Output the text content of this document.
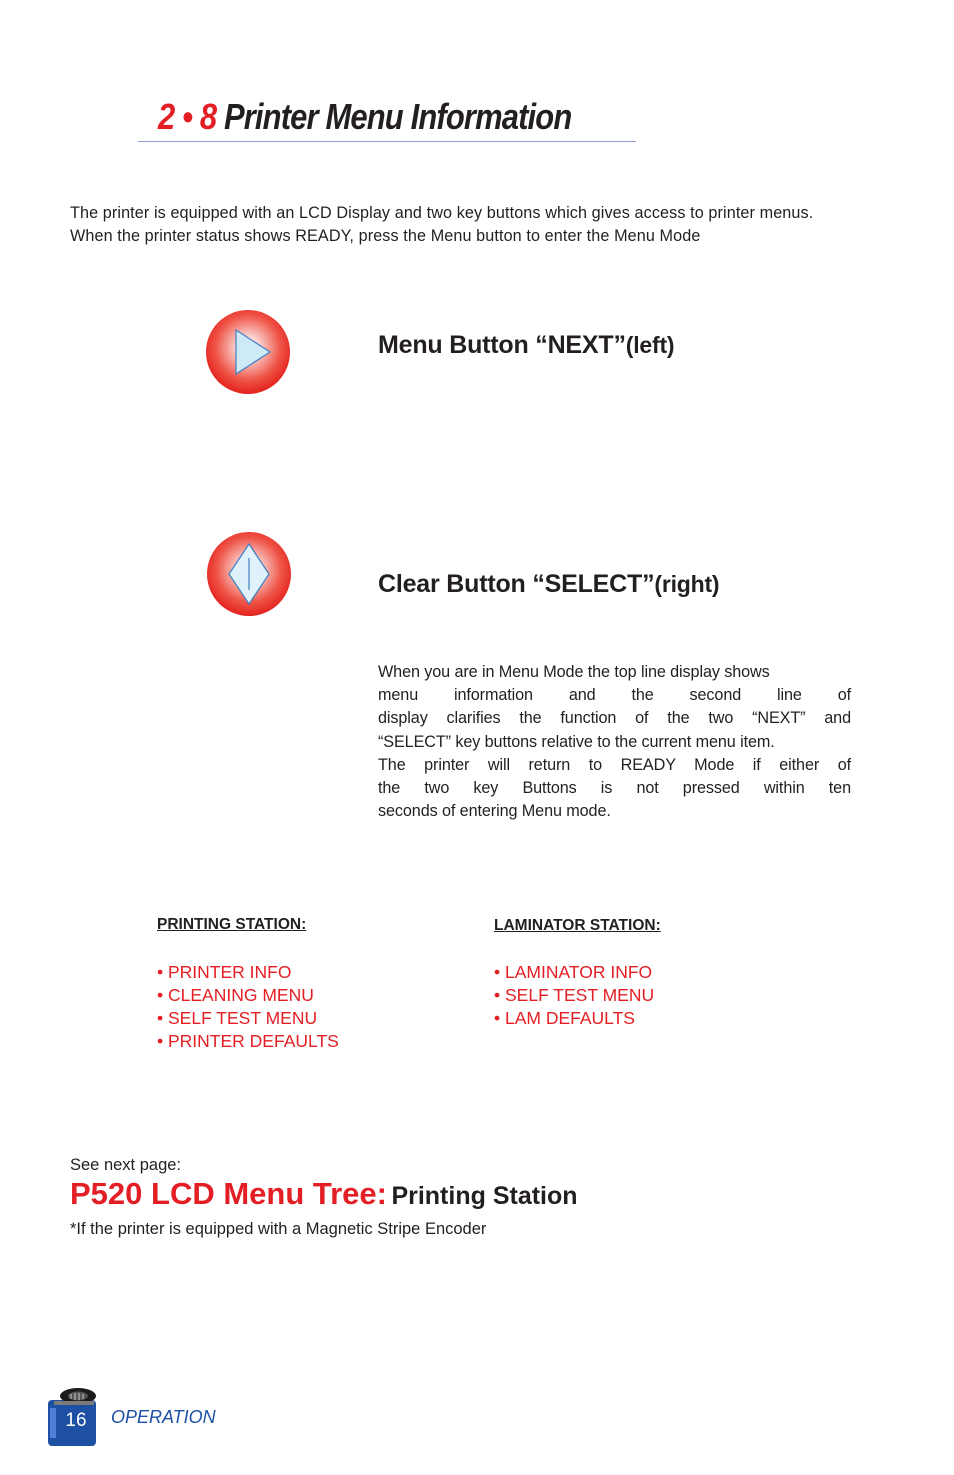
2 • 8 Printer Menu Information

The printer is equipped with an LCD Display and two key buttons which gives access to printer menus.

When the printer status shows READY, press the Menu button to enter the Menu Mode

Menu Button “NEXT”(left)
Clear Button “SELECT”(right)
When you are in Menu Mode the top line display shows
menu information and the second line of
display clarifies the function of the two “NEXT” and
“SELECT” key buttons relative to the current menu item.
The printer will return to READY Mode if either of
the two key Buttons is not pressed within ten
seconds of entering Menu mode.
PRINTING STATION:
• PRINTER INFO
• CLEANING MENU
• SELF TEST MENU
• PRINTER DEFAULTS
LAMINATOR STATION:
• LAMINATOR INFO
• SELF TEST MENU
• LAM DEFAULTS
See next page:
P520 LCD Menu Tree: Printing Station
*If the printer is equipped with a Magnetic Stripe Encoder
16	OPERATION
